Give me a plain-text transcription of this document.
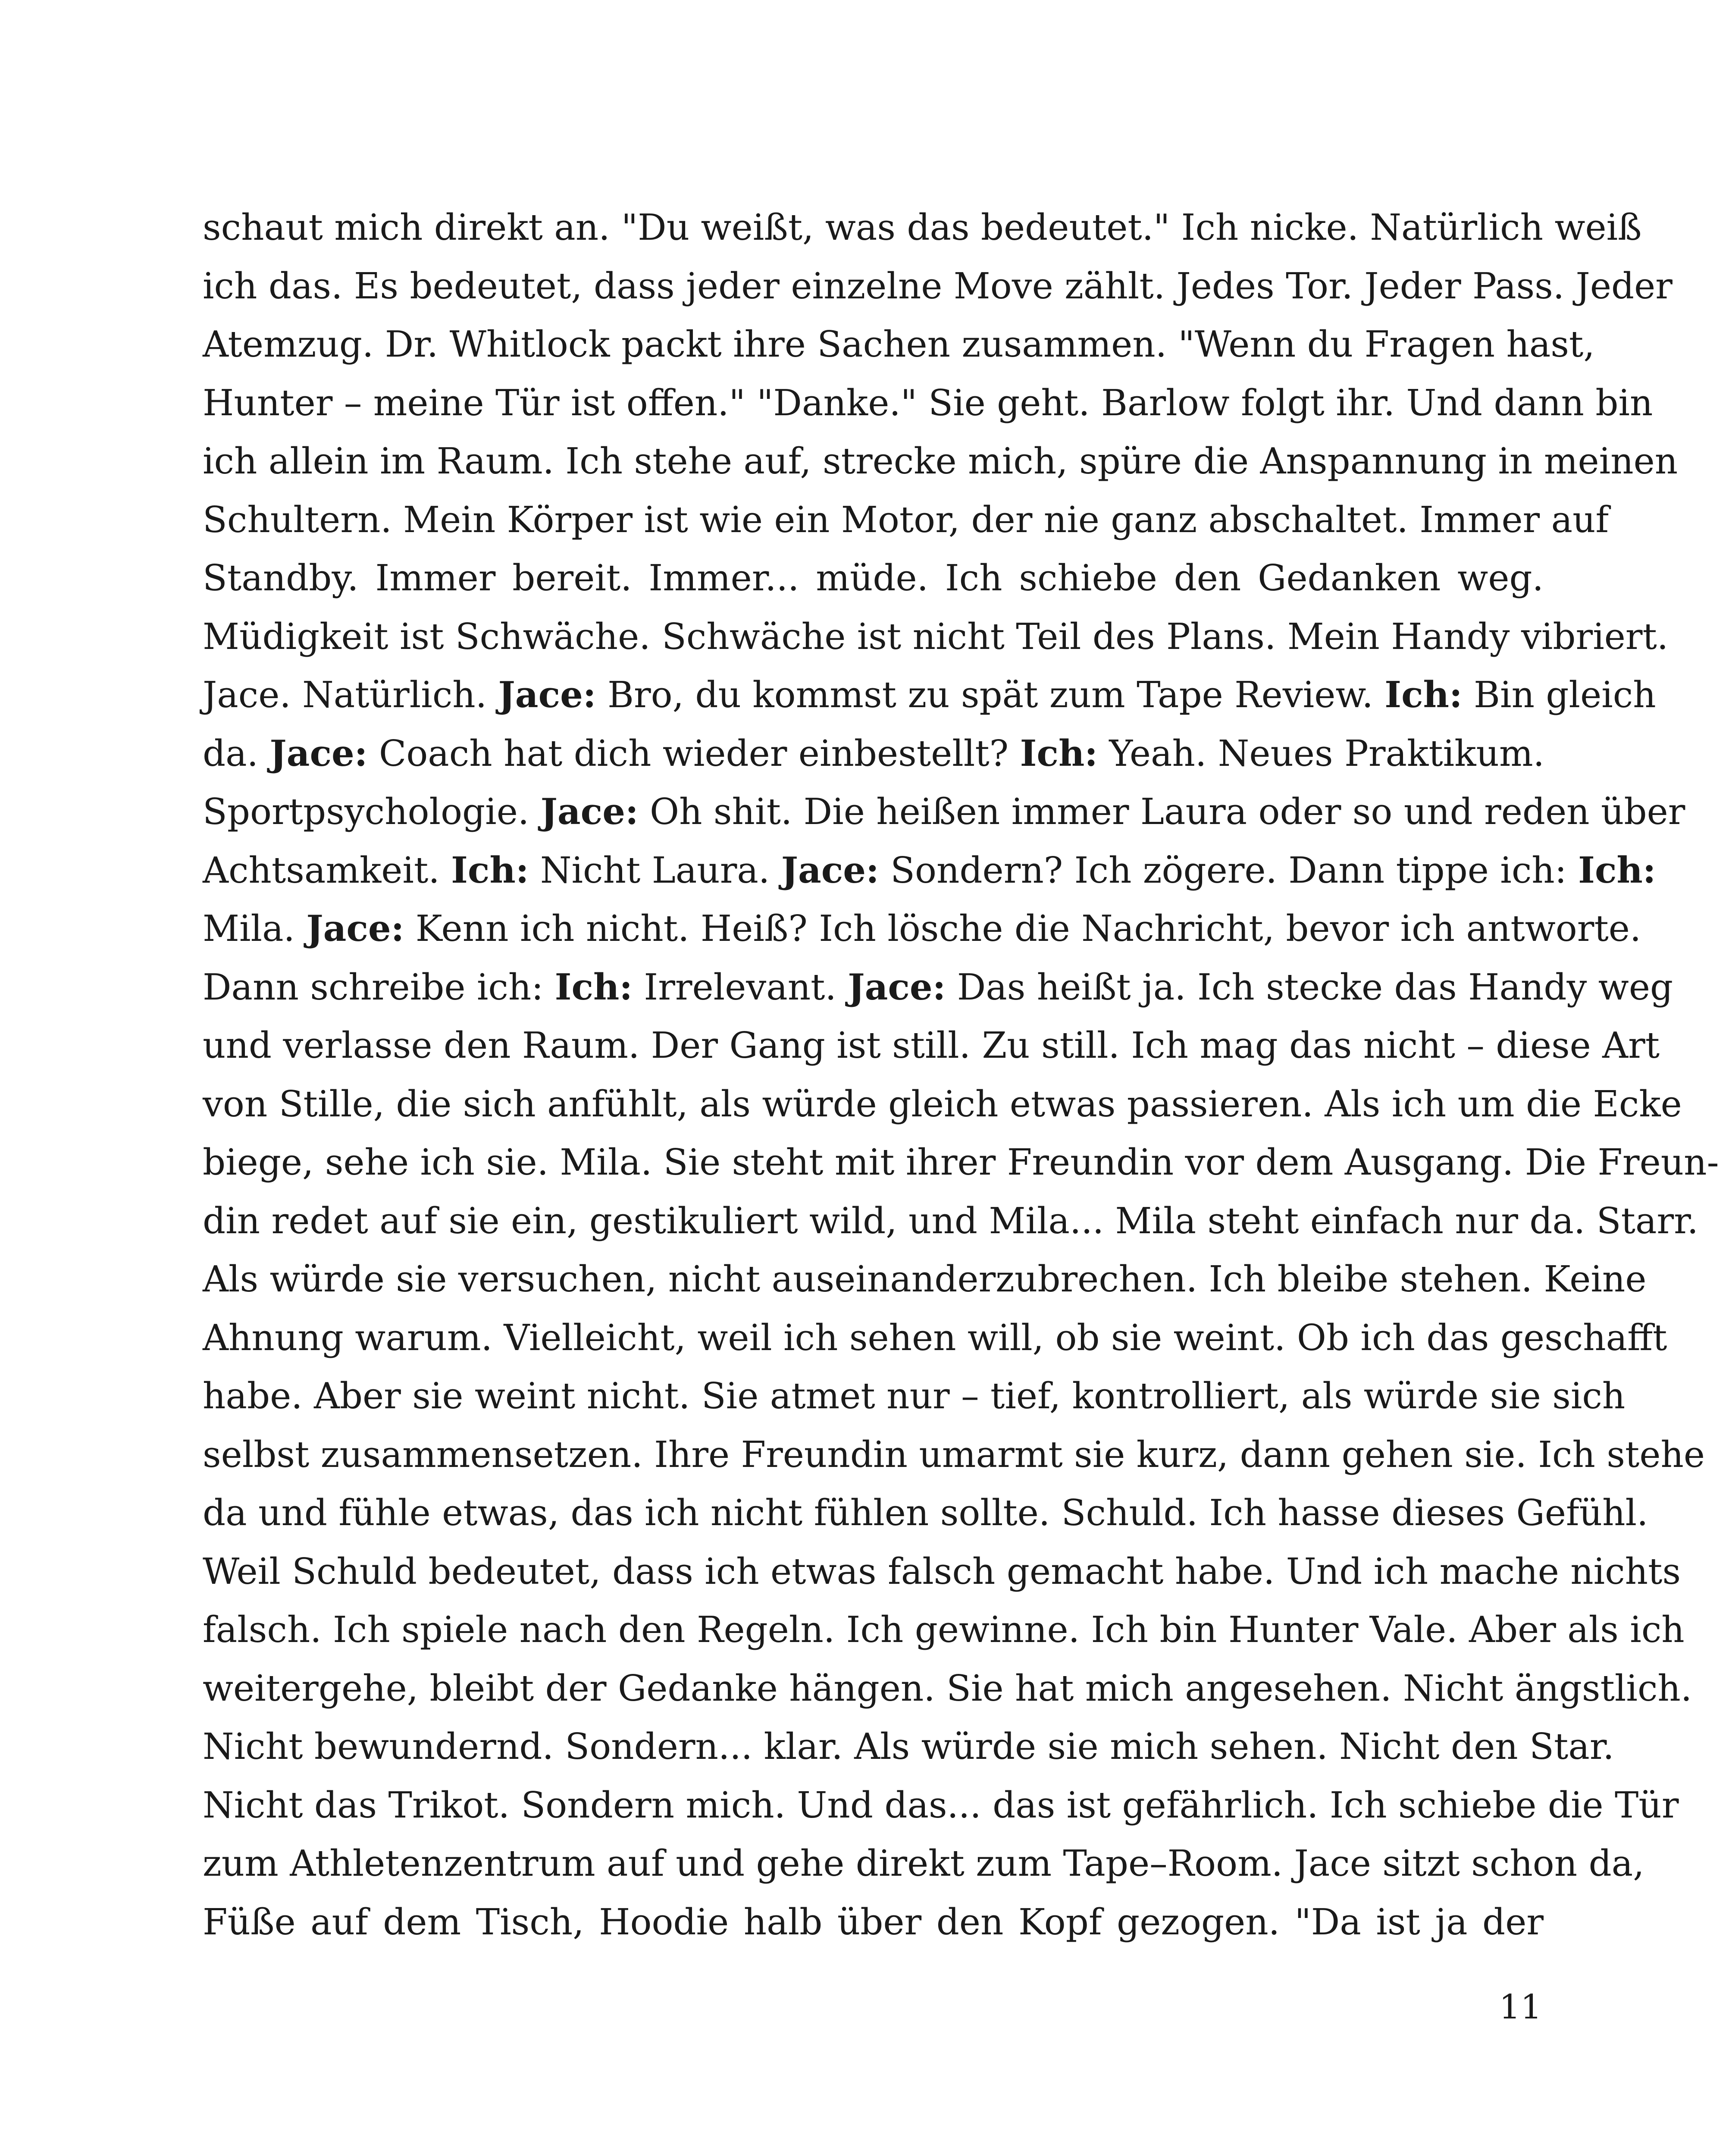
schaut mich direkt an. "Du weißt, was das bedeutet." Ich nicke. Natürlich weiß
ich das. Es bedeutet, dass jeder einzelne Move zählt. Jedes Tor. Jeder Pass. Jeder
Atemzug. Dr. Whitlock packt ihre Sachen zusammen. "Wenn du Fragen hast,
Hunter – meine Tür ist offen." "Danke." Sie geht. Barlow folgt ihr. Und dann bin
ich allein im Raum. Ich stehe auf, strecke mich, spüre die Anspannung in meinen
Schultern. Mein Körper ist wie ein Motor, der nie ganz abschaltet. Immer auf
Standby. Immer bereit. Immer... müde. Ich schiebe den Gedanken weg.
Müdigkeit ist Schwäche. Schwäche ist nicht Teil des Plans. Mein Handy vibriert.
Jace. Natürlich. Jace: Bro, du kommst zu spät zum Tape Review. Ich: Bin gleich
da. Jace: Coach hat dich wieder einbestellt? Ich: Yeah. Neues Praktikum.
Sportpsychologie. Jace: Oh shit. Die heißen immer Laura oder so und reden über
Achtsamkeit. Ich: Nicht Laura. Jace: Sondern? Ich zögere. Dann tippe ich: Ich:
Mila. Jace: Kenn ich nicht. Heiß? Ich lösche die Nachricht, bevor ich antworte.
Dann schreibe ich: Ich: Irrelevant. Jace: Das heißt ja. Ich stecke das Handy weg
und verlasse den Raum. Der Gang ist still. Zu still. Ich mag das nicht – diese Art
von Stille, die sich anfühlt, als würde gleich etwas passieren. Als ich um die Ecke
biege, sehe ich sie. Mila. Sie steht mit ihrer Freundin vor dem Ausgang. Die Freun-
din redet auf sie ein, gestikuliert wild, und Mila... Mila steht einfach nur da. Starr.
Als würde sie versuchen, nicht auseinanderzubrechen. Ich bleibe stehen. Keine
Ahnung warum. Vielleicht, weil ich sehen will, ob sie weint. Ob ich das geschafft
habe. Aber sie weint nicht. Sie atmet nur – tief, kontrolliert, als würde sie sich
selbst zusammensetzen. Ihre Freundin umarmt sie kurz, dann gehen sie. Ich stehe
da und fühle etwas, das ich nicht fühlen sollte. Schuld. Ich hasse dieses Gefühl.
Weil Schuld bedeutet, dass ich etwas falsch gemacht habe. Und ich mache nichts
falsch. Ich spiele nach den Regeln. Ich gewinne. Ich bin Hunter Vale. Aber als ich
weitergehe, bleibt der Gedanke hängen. Sie hat mich angesehen. Nicht ängstlich.
Nicht bewundernd. Sondern... klar. Als würde sie mich sehen. Nicht den Star.
Nicht das Trikot. Sondern mich. Und das... das ist gefährlich. Ich schiebe die Tür
zum Athletenzentrum auf und gehe direkt zum Tape–Room. Jace sitzt schon da,
Füße auf dem Tisch, Hoodie halb über den Kopf gezogen. "Da ist ja der
11
